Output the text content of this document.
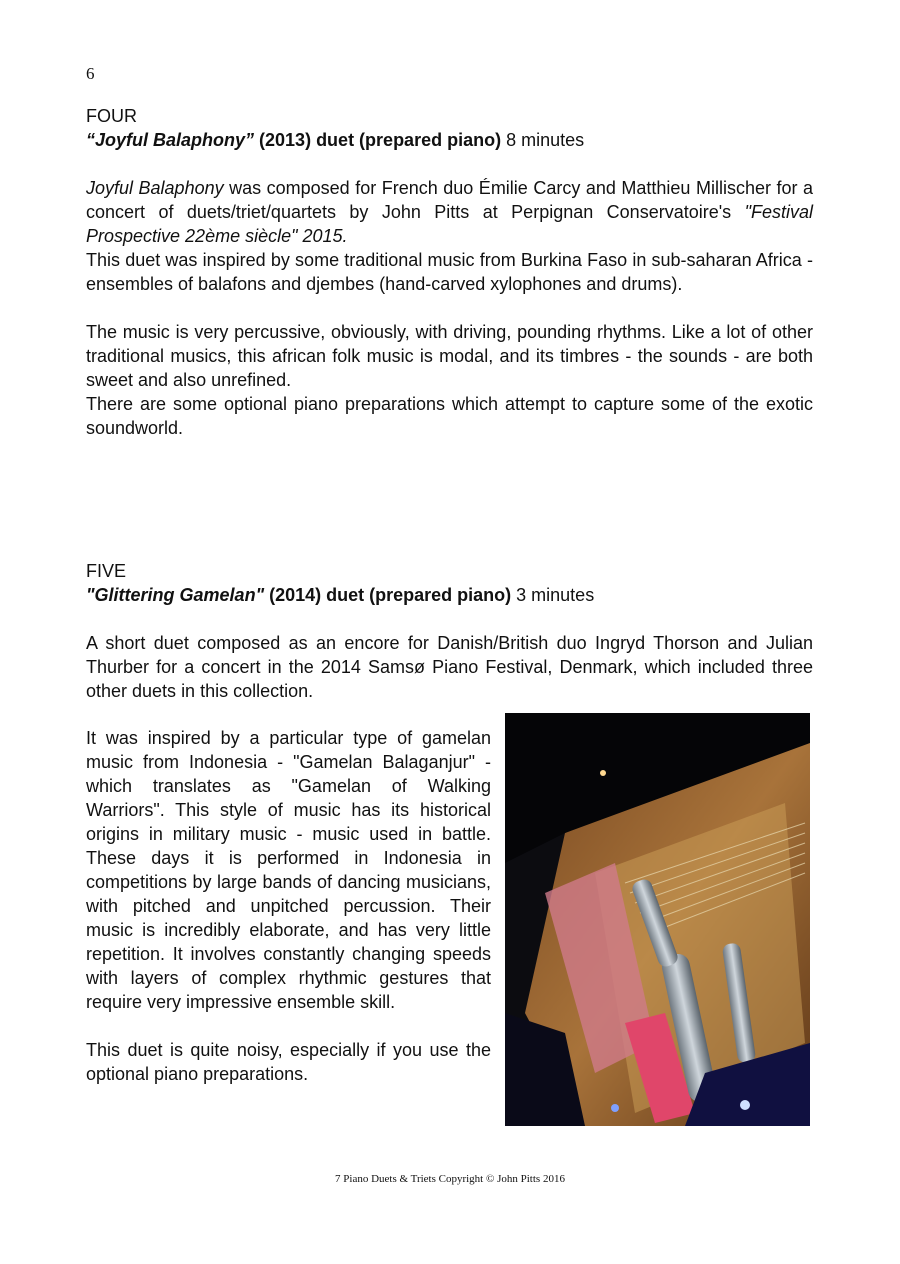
6
FOUR
“Joyful Balaphony” (2013) duet (prepared piano) 8 minutes

Joyful Balaphony was composed for French duo Émilie Carcy and Matthieu Millischer for a concert of duets/triet/quartets by John Pitts at Perpignan Conservatoire's "Festival Prospective 22ème siècle" 2015.

This duet was inspired by some traditional music from Burkina Faso in sub-saharan Africa - ensembles of balafons and djembes (hand-carved xylophones and drums).

The music is very percussive, obviously, with driving, pounding rhythms. Like a lot of other traditional musics, this african folk music is modal, and its timbres - the sounds - are both sweet and also unrefined.

There are some optional piano preparations which attempt to capture some of the exotic soundworld.

FIVE
"Glittering Gamelan" (2014) duet (prepared piano) 3 minutes

A short duet composed as an encore for Danish/British duo Ingryd Thorson and Julian Thurber for a concert in the 2014 Samsø Piano Festival, Denmark, which included three other duets in this collection.

It was inspired by a particular type of gamelan music from Indonesia - "Gamelan Balaganjur" - which translates as "Gamelan of Walking Warriors". This style of music has its historical origins in military music - music used in battle. These days it is performed in Indonesia in competitions by large bands of dancing musicians, with pitched and unpitched percussion. Their music is incredibly elaborate, and has very little repetition. It involves constantly changing speeds with layers of complex rhythmic gestures that require very impressive ensemble skill.

This duet is quite noisy, especially if you use the optional piano preparations.

7 Piano Duets & Triets Copyright © John Pitts 2016
